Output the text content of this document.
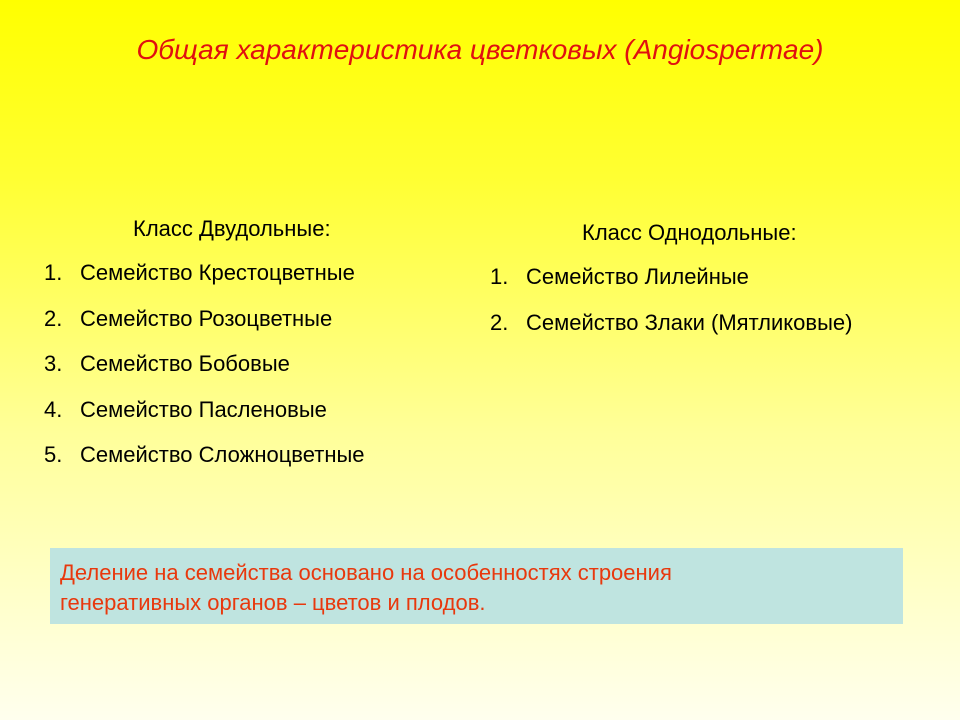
Общая характеристика цветковых (Angiospermae)
Класс Двудольные:
1. Семейство Крестоцветные
2. Семейство Розоцветные
3. Семейство Бобовые
4. Семейство Пасленовые
5. Семейство Сложноцветные
Класс Однодольные:
1. Семейство Лилейные
2. Семейство Злаки (Мятликовые)
Деление на семейства основано на особенностях строения
генеративных органов – цветов и плодов.
